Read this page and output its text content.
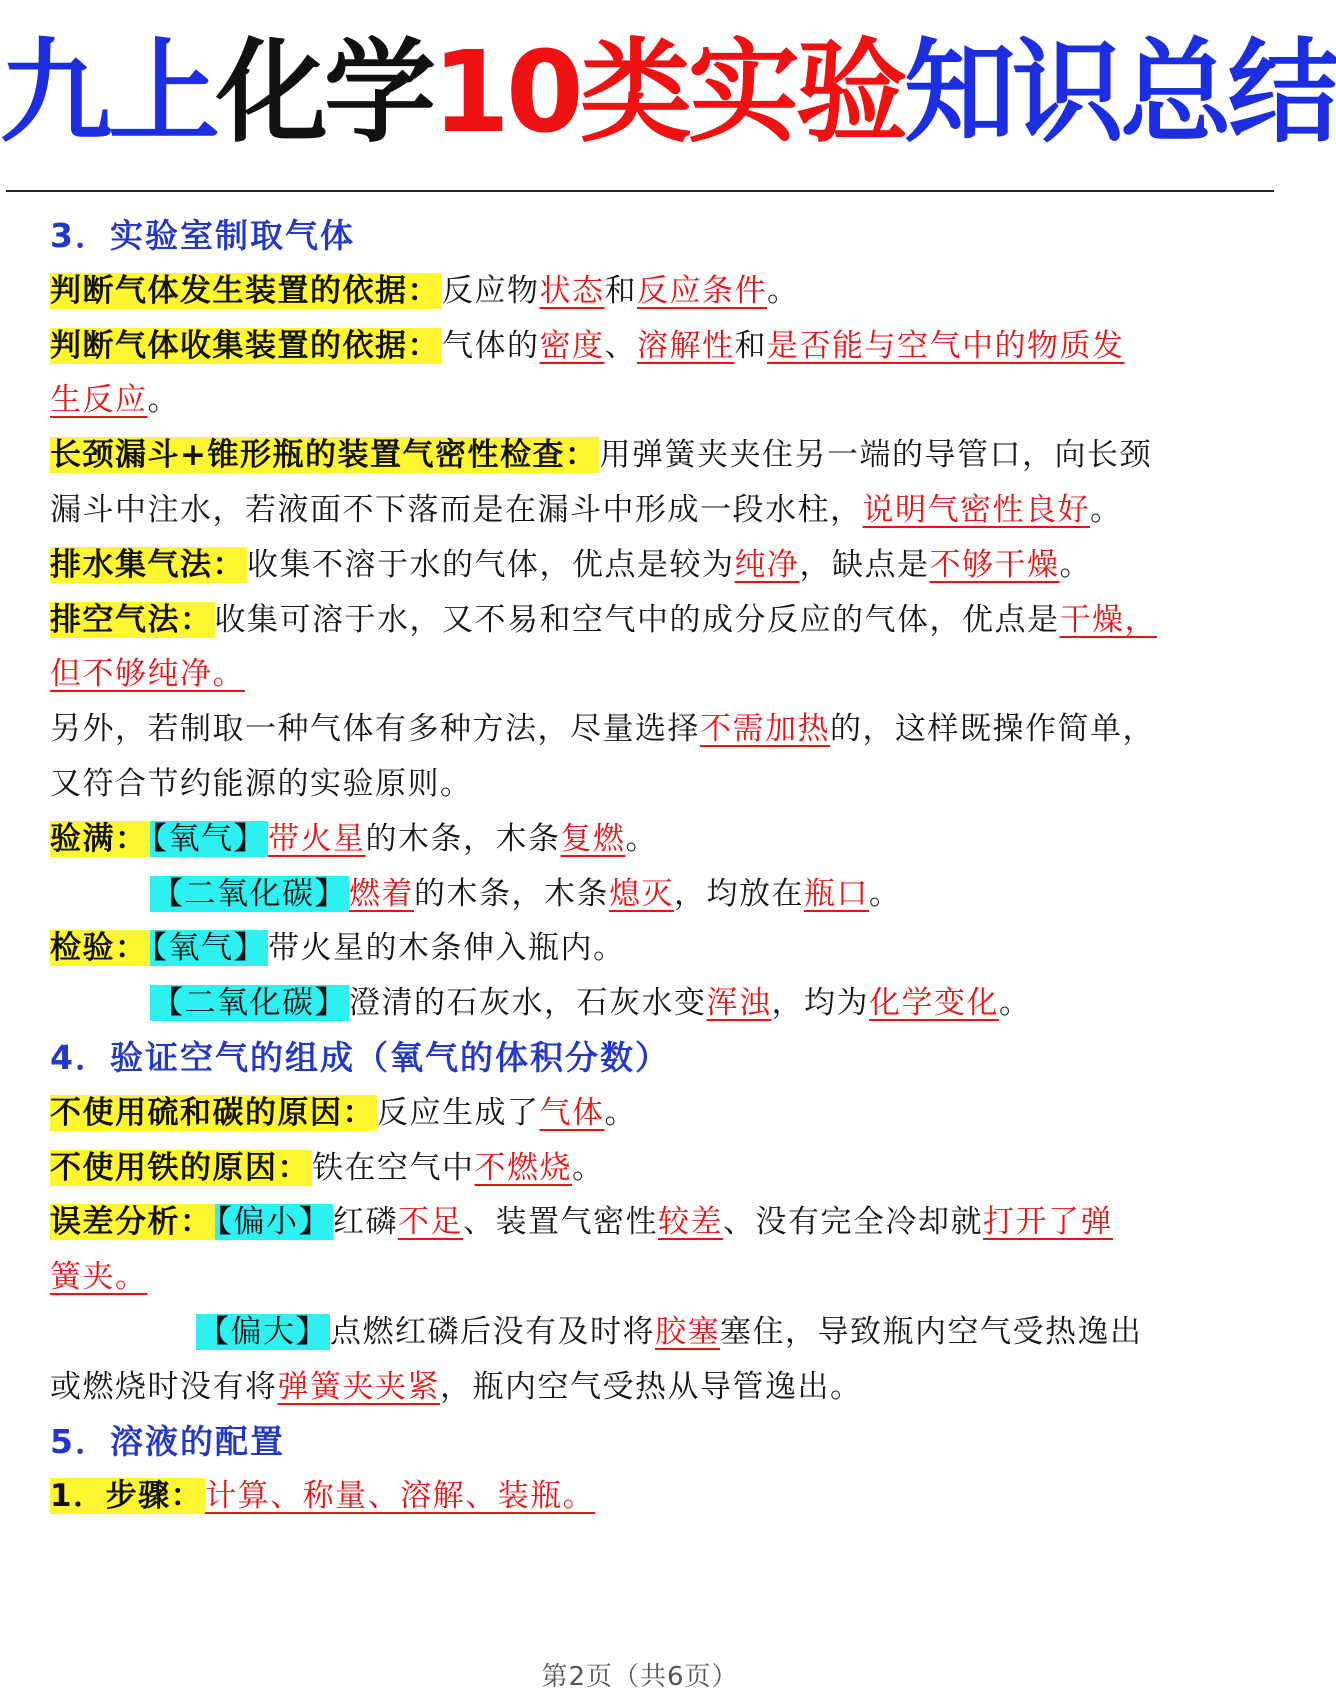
九上化学10类实验知识总结
3．实验室制取气体
判断气体发生装置的依据：反应物状态和反应条件。
判断气体收集装置的依据：气体的密度、溶解性和是否能与空气中的物质发
生反应。
长颈漏斗+锥形瓶的装置气密性检查：用弹簧夹夹住另一端的导管口，向长颈
漏斗中注水，若液面不下落而是在漏斗中形成一段水柱，说明气密性良好。
排水集气法：收集不溶于水的气体，优点是较为纯净，缺点是不够干燥。
排空气法：收集可溶于水，又不易和空气中的成分反应的气体，优点是干燥，
但不够纯净。
另外，若制取一种气体有多种方法，尽量选择不需加热的，这样既操作简单，
又符合节约能源的实验原则。
验满： 【氧气】带火星的木条，木条复燃。
【二氧化碳】燃着的木条，木条熄灭，均放在瓶口。
检验： 【氧气】带火星的木条伸入瓶内。
【二氧化碳】澄清的石灰水，石灰水变浑浊，均为化学变化。
4．验证空气的组成（氧气的体积分数）
不使用硫和碳的原因：反应生成了气体。
不使用铁的原因：铁在空气中不燃烧。
误差分析： 【偏小】红磷不足、装置气密性较差、没有完全冷却就打开了弹
簧夹。
【偏大】点燃红磷后没有及时将胶塞塞住，导致瓶内空气受热逸出
或燃烧时没有将弹簧夹夹紧，瓶内空气受热从导管逸出。
5．溶液的配置
1．步骤：计算、称量、溶解、装瓶。
第2页（共6页）
